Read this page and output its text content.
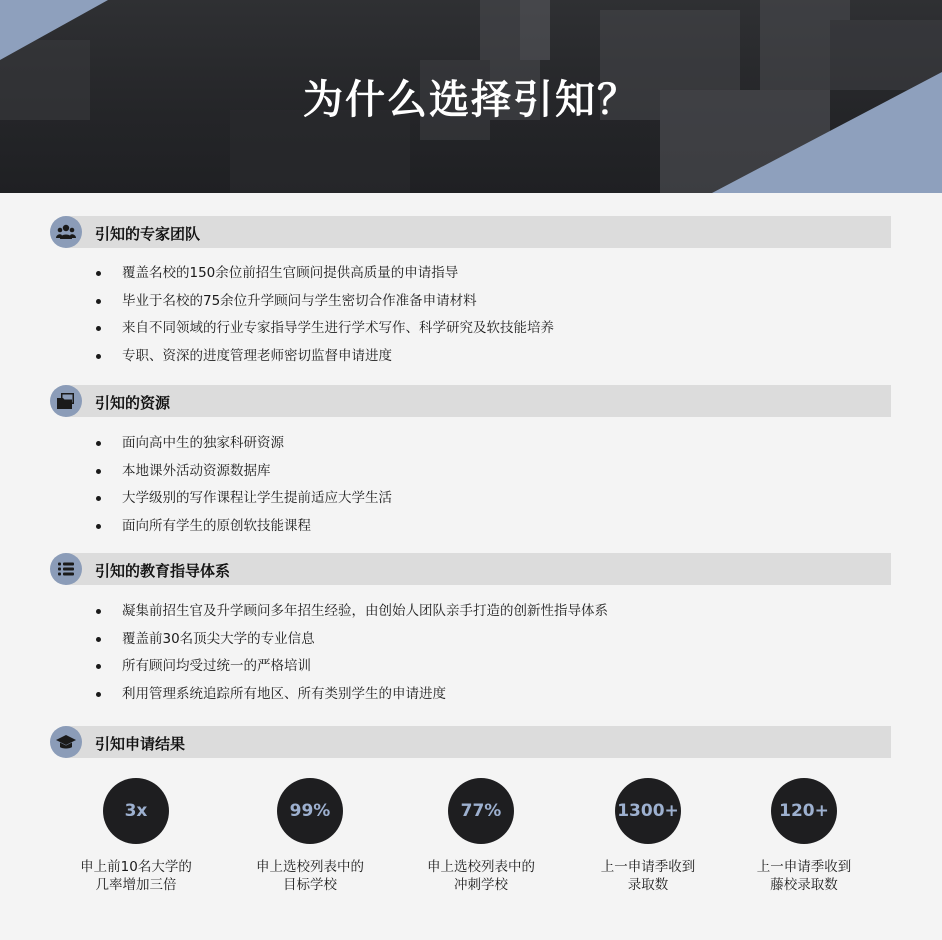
为什么选择引知？
引知的专家团队
覆盖名校的150余位前招生官顾问提供高质量的申请指导
毕业于名校的75余位升学顾问与学生密切合作准备申请材料
来自不同领域的行业专家指导学生进行学术写作、科学研究及软技能培养
专职、资深的进度管理老师密切监督申请进度
引知的资源
面向高中生的独家科研资源
本地课外活动资源数据库
大学级别的写作课程让学生提前适应大学生活
面向所有学生的原创软技能课程
引知的教育指导体系
凝集前招生官及升学顾问多年招生经验，由创始人团队亲手打造的创新性指导体系
覆盖前30名顶尖大学的专业信息
所有顾问均受过统一的严格培训
利用管理系统追踪所有地区、所有类别学生的申请进度
引知申请结果
3x
申上前10名大学的
几率增加三倍
99%
申上选校列表中的
目标学校
77%
申上选校列表中的
冲刺学校
1300+
上一申请季收到
录取数
120+
上一申请季收到
藤校录取数
